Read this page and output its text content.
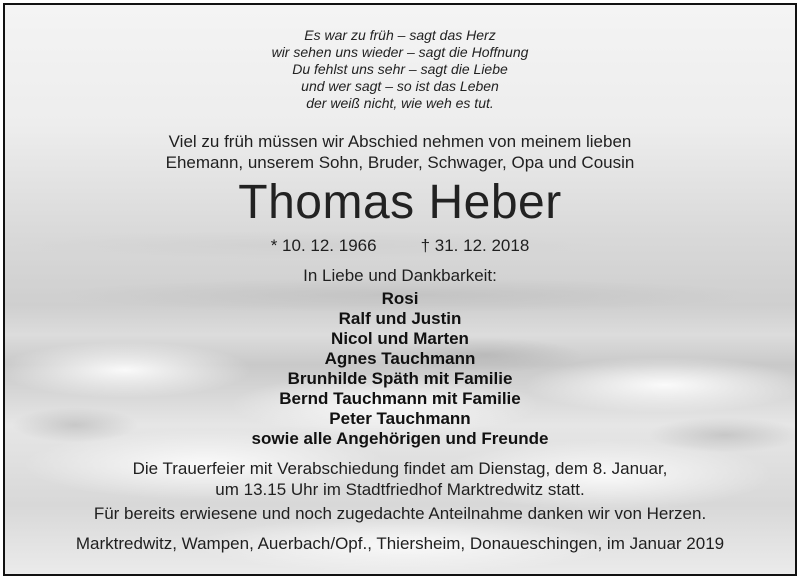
Es war zu früh – sagt das Herz
wir sehen uns wieder – sagt die Hoffnung
Du fehlst uns sehr – sagt die Liebe
und wer sagt – so ist das Leben
der weiß nicht, wie weh es tut.
Viel zu früh müssen wir Abschied nehmen von meinem lieben
Ehemann, unserem Sohn, Bruder, Schwager, Opa und Cousin
Thomas Heber
* 10. 12. 1966	† 31. 12. 2018
In Liebe und Dankbarkeit:
Rosi
Ralf und Justin
Nicol und Marten
Agnes Tauchmann
Brunhilde Späth mit Familie
Bernd Tauchmann mit Familie
Peter Tauchmann
sowie alle Angehörigen und Freunde
Die Trauerfeier mit Verabschiedung findet am Dienstag, dem 8. Januar,
um 13.15 Uhr im Stadtfriedhof Marktredwitz statt.
Für bereits erwiesene und noch zugedachte Anteilnahme danken wir von Herzen.
Marktredwitz, Wampen, Auerbach/Opf., Thiersheim, Donaueschingen, im Januar 2019
